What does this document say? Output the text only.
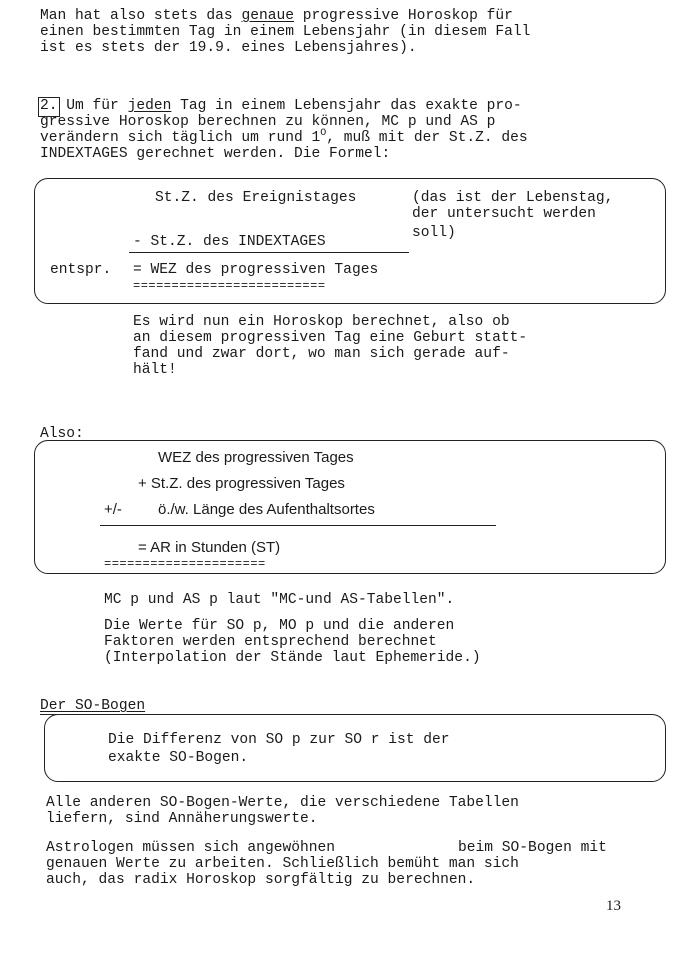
Man hat also stets das genaue progressive Horoskop für
einen bestimmten Tag in einem Lebensjahr (in diesem Fall
ist es stets der 19.9. eines Lebensjahres).
2. Um für jeden Tag in einem Lebensjahr das exakte pro-
gressive Horoskop berechnen zu können, MC p und AS p
verändern sich täglich um rund $1^O$, muß mit der St.Z. des
INDEXTAGES gerechnet werden. Die Formel:
St.Z. des Ereignistages	(das ist der Lebenstag,
der untersucht werden
soll)
- St.Z. des INDEXTAGES
entspr. = WEZ des progressiven Tages
=========================
Es wird nun ein Horoskop berechnet, also ob
an diesem progressiven Tag eine Geburt statt-
fand und zwar dort, wo man sich gerade auf-
hält!
Also:
WEZ des progressiven Tages
+ St.Z. des progressiven Tages
+/- ö./w. Länge des Aufenthaltsortes
= AR in Stunden (ST)
=====================
MC p und AS p laut "MC-und AS-Tabellen".
Die Werte für SO p, MO p und die anderen
Faktoren werden entsprechend berechnet
(Interpolation der Stände laut Ephemeride.)
Der SO-Bogen
Die Differenz von SO p zur SO r ist der
exakte SO-Bogen.
Alle anderen SO-Bogen-Werte, die verschiedene Tabellen
liefern, sind Annäherungswerte.
Astrologen müssen sich angewöhnen	beim SO-Bogen mit
genauen Werte zu arbeiten. Schließlich bemüht man sich
auch, das radix Horoskop sorgfältig zu berechnen.
13
